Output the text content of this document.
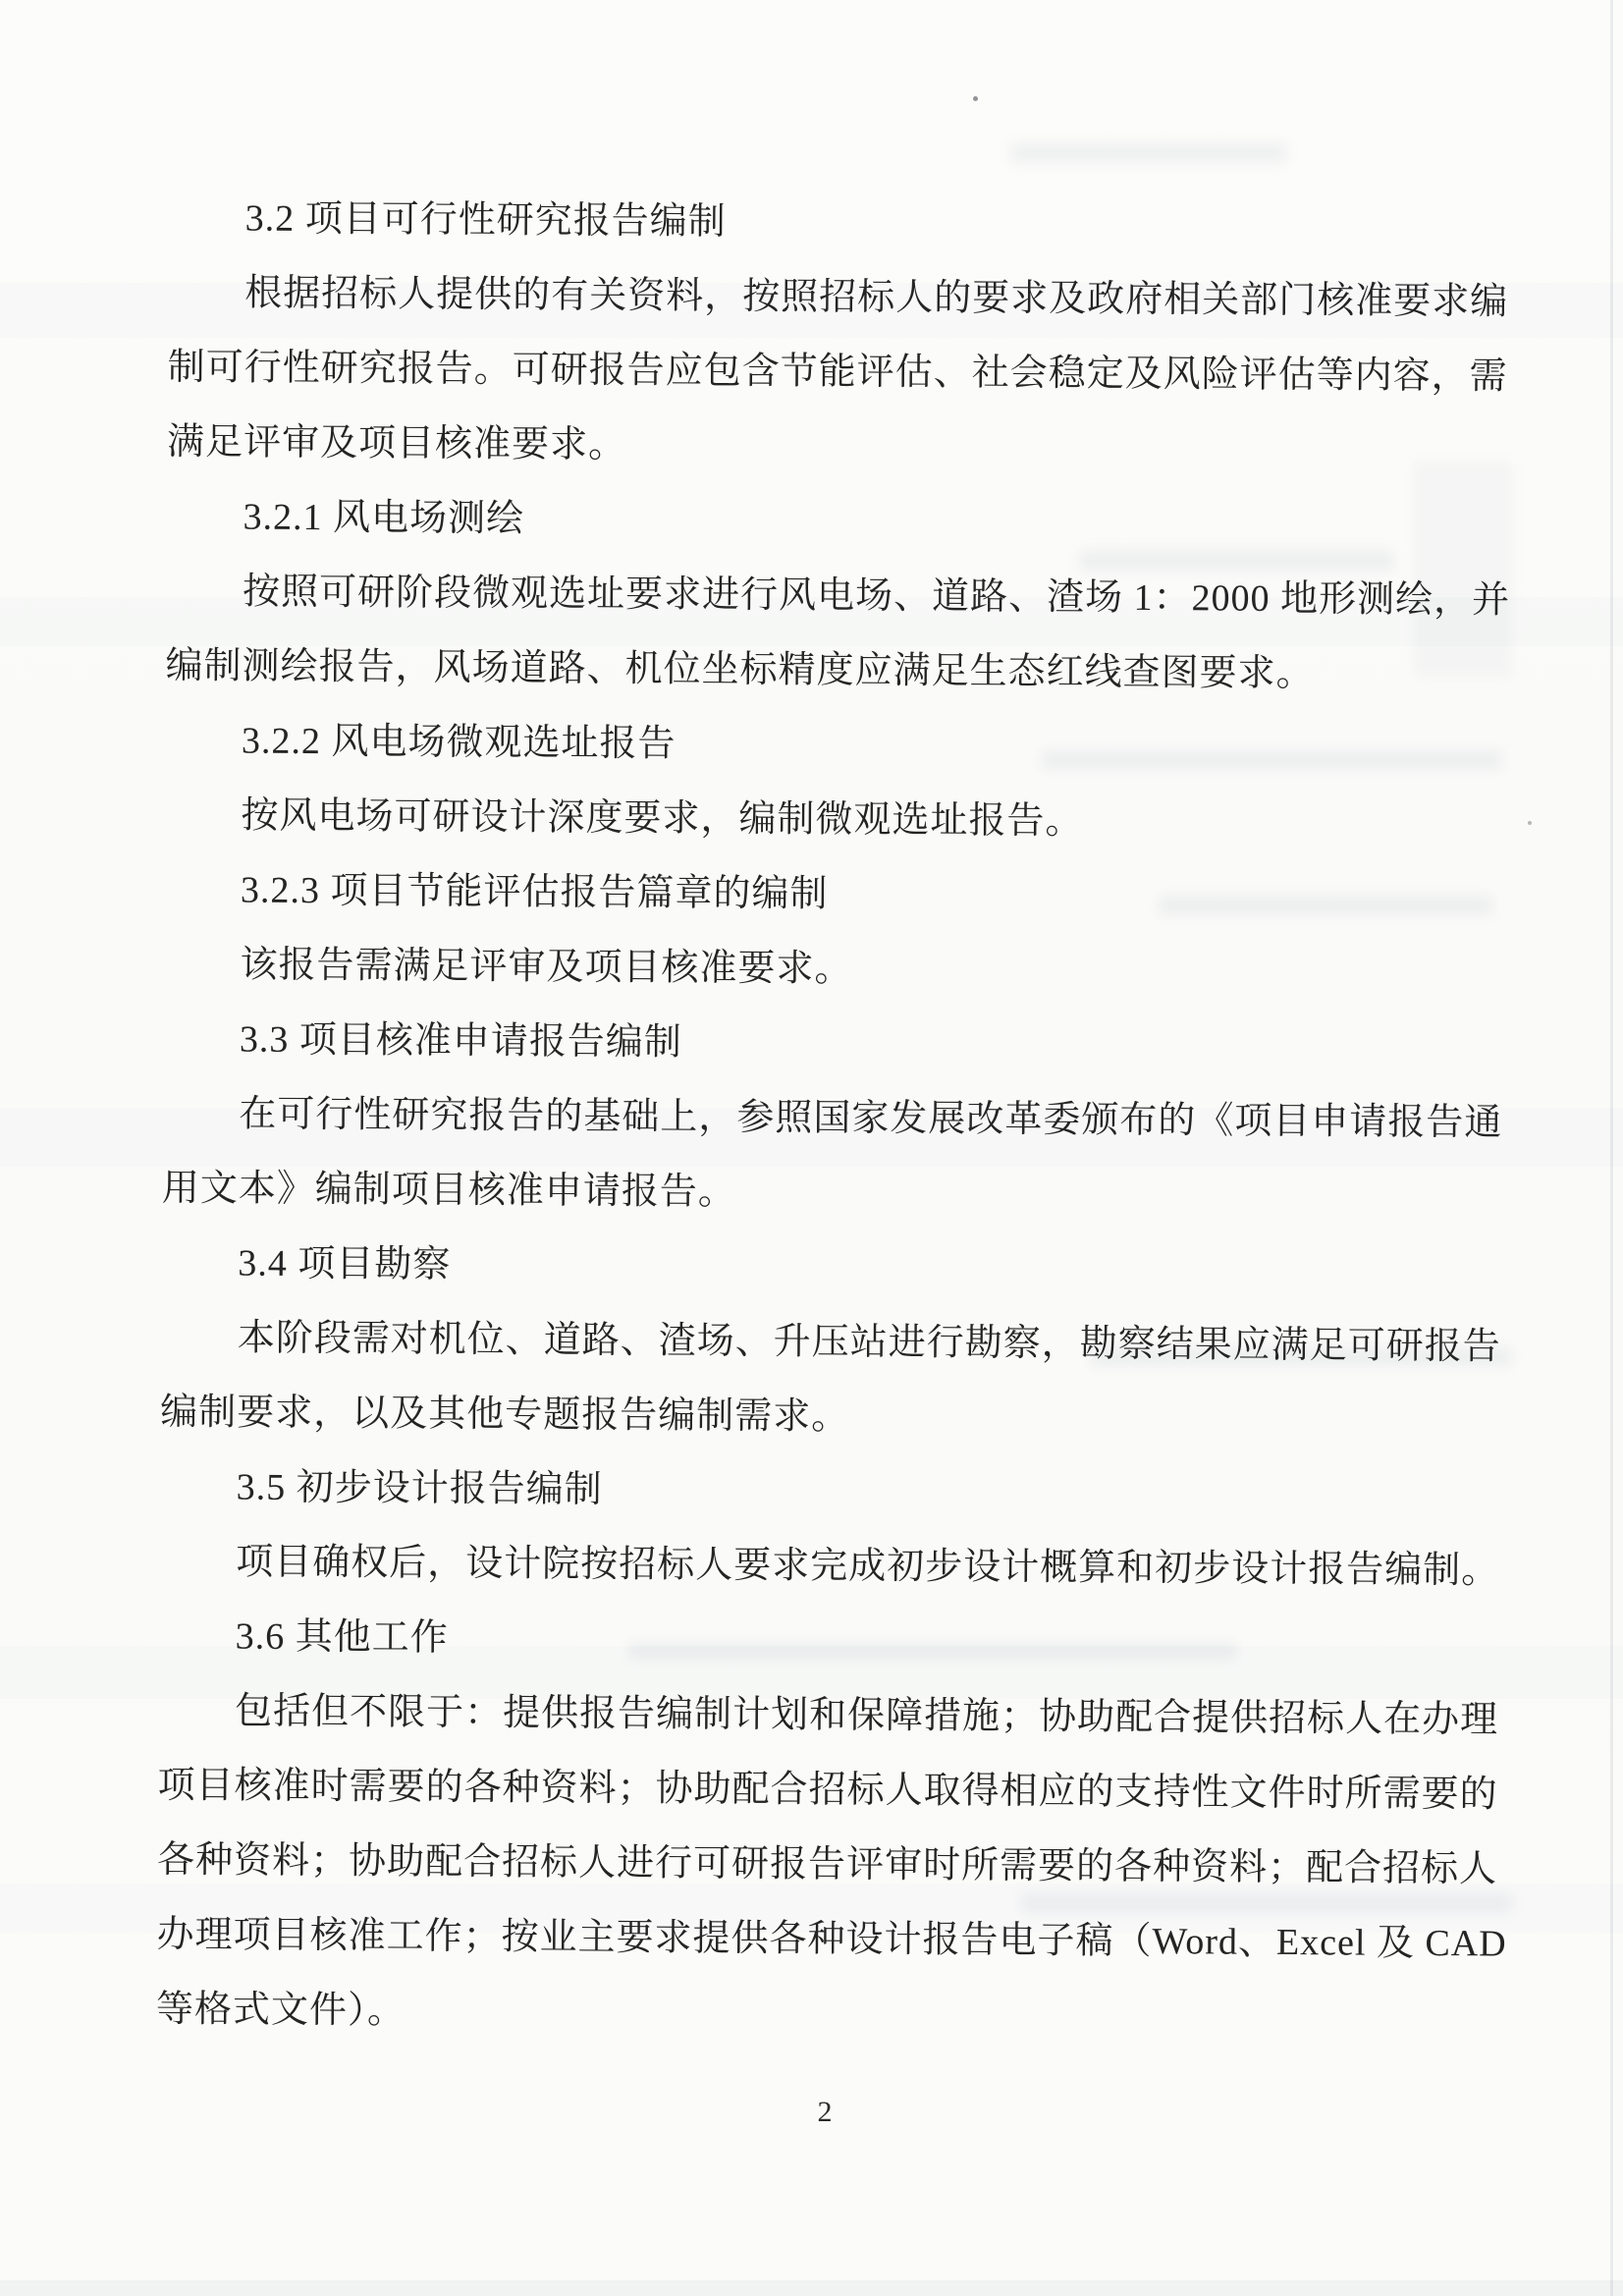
3.2 项目可行性研究报告编制
根据招标人提供的有关资料，按照招标人的要求及政府相关部门核准要求编
制可行性研究报告。可研报告应包含节能评估、社会稳定及风险评估等内容，需
满足评审及项目核准要求。
3.2.1 风电场测绘
按照可研阶段微观选址要求进行风电场、道路、渣场 1：2000 地形测绘，并
编制测绘报告，风场道路、机位坐标精度应满足生态红线查图要求。
3.2.2 风电场微观选址报告
按风电场可研设计深度要求，编制微观选址报告。
3.2.3 项目节能评估报告篇章的编制
该报告需满足评审及项目核准要求。
3.3 项目核准申请报告编制
在可行性研究报告的基础上，参照国家发展改革委颁布的《项目申请报告通
用文本》编制项目核准申请报告。
3.4 项目勘察
本阶段需对机位、道路、渣场、升压站进行勘察，勘察结果应满足可研报告
编制要求，以及其他专题报告编制需求。
3.5 初步设计报告编制
项目确权后，设计院按招标人要求完成初步设计概算和初步设计报告编制。
3.6 其他工作
包括但不限于：提供报告编制计划和保障措施；协助配合提供招标人在办理
项目核准时需要的各种资料；协助配合招标人取得相应的支持性文件时所需要的
各种资料；协助配合招标人进行可研报告评审时所需要的各种资料；配合招标人
办理项目核准工作；按业主要求提供各种设计报告电子稿（Word、Excel 及 CAD
等格式文件）。
2
